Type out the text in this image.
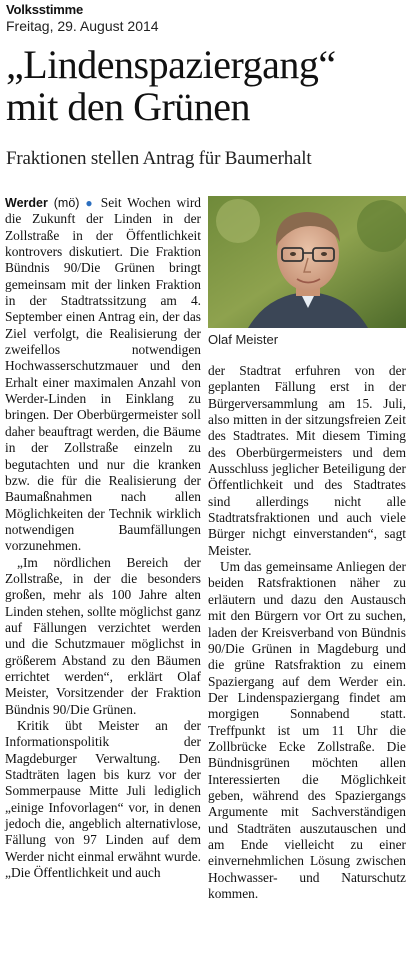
Volksstimme
Freitag, 29. August 2014
„Lindenspaziergang“
mit den Grünen
Fraktionen stellen Antrag für Baumerhalt

Werder (mö) ● Seit Wochen wird die Zukunft der Linden in der Zollstraße in der Öffentlichkeit kontrovers diskutiert. Die Fraktion Bündnis 90/Die Grünen bringt gemeinsam mit der linken Fraktion in der Stadtratssitzung am 4. September einen Antrag ein, der das Ziel verfolgt, die Realisierung der zweifellos notwendigen Hochwasserschutzmauer und den Erhalt einer maximalen Anzahl von Werder-Linden in Einklang zu bringen. Der Oberbürgermeister soll daher beauftragt werden, die Bäume in der Zollstraße einzeln zu begutachten und nur die kranken bzw. die für die Realisierung der Baumaßnahmen nach allen Möglichkeiten der Technik wirklich notwendigen Baumfällungen vorzunehmen.

„Im nördlichen Bereich der Zollstraße, in der die besonders großen, mehr als 100 Jahre alten Linden stehen, sollte möglichst ganz auf Fällungen verzichtet werden und die Schutzmauer möglichst in größerem Abstand zu den Bäumen errichtet werden“, erklärt Olaf Meister, Vorsitzender der Fraktion Bündnis 90/Die Grünen.

Kritik übt Meister an der Informationspolitik der Magdeburger Verwaltung. Den Stadträten lagen bis kurz vor der Sommerpause Mitte Juli lediglich „einige Infovorlagen“ vor, in denen jedoch die, angeblich alternativlose, Fällung von 97 Linden auf dem Werder nicht einmal erwähnt wurde. „Die Öffentlichkeit und auch

Olaf Meister

der Stadtrat erfuhren von der geplanten Fällung erst in der Bürgerversammlung am 15. Juli, also mitten in der sitzungsfreien Zeit des Stadtrates. Mit diesem Timing des Oberbürgermeisters und dem Ausschluss jeglicher Beteiligung der Öffentlichkeit und des Stadtrates sind allerdings nicht alle Stadtratsfraktionen und auch viele Bürger nichgt einverstanden“, sagt Meister.

Um das gemeinsame Anliegen der beiden Ratsfraktionen näher zu erläutern und dazu den Austausch mit den Bürgern vor Ort zu suchen, laden der Kreisverband von Bündnis 90/Die Grünen in Magdeburg und die grüne Ratsfraktion zu einem Spaziergang auf dem Werder ein. Der Lindenspaziergang findet am morgigen Sonnabend statt. Treffpunkt ist um 11 Uhr die Zollbrücke Ecke Zollstraße. Die Bündnisgrünen möchten allen Interessierten die Möglichkeit geben, während des Spaziergangs Argumente mit Sachverständigen und Stadträten auszutauschen und am Ende vielleicht zu einer einvernehmlichen Lösung zwischen Hochwasser- und Naturschutz kommen.
